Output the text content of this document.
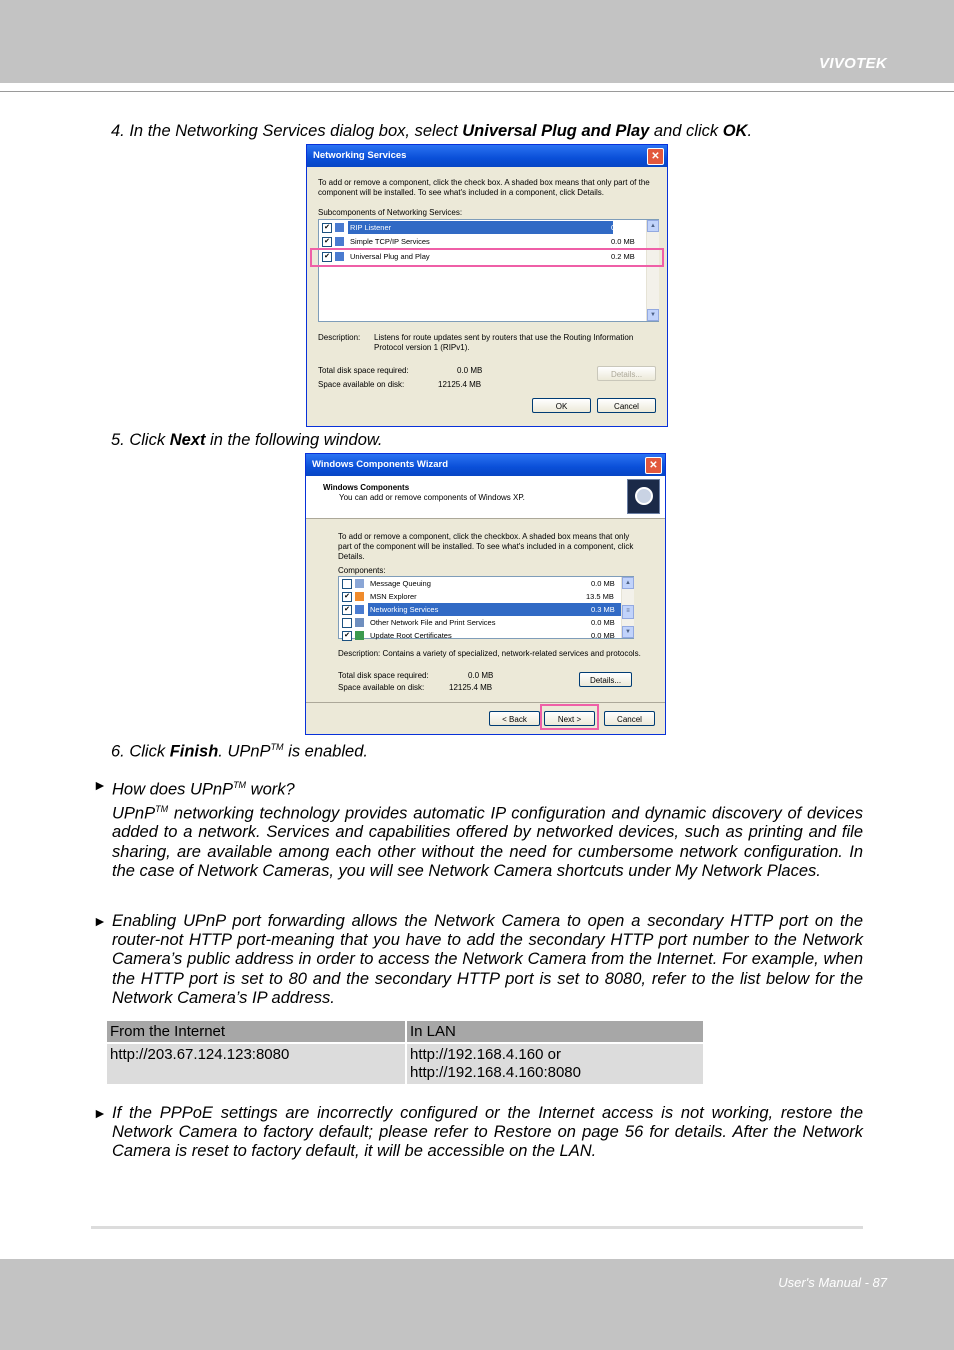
VIVOTEK
4. In the Networking Services dialog box, select Universal Plug and Play and click OK.
Networking Services	✕
To add or remove a component, click the check box. A shaded box means that only part of the component will be installed. To see what's included in a component, click Details.
Subcomponents of Networking Services:
✔	RIP Listener	0.0 MB
✔	Simple TCP/IP Services	0.0 MB
✔	Universal Plug and Play	0.2 MB
▲
▼
Description: Listens for route updates sent by routers that use the Routing Information Protocol version 1 (RIPv1).
Total disk space required:	0.0 MB
Space available on disk:	12125.4 MB
Details...
OK	Cancel
5. Click Next in the following window.
Windows Components Wizard	✕
Windows Components
You can add or remove components of Windows XP.
To add or remove a component, click the checkbox. A shaded box means that only part of the component will be installed. To see what's included in a component, click Details.
Components:
Message Queuing	0.0 MB
✔	MSN Explorer	13.5 MB
✔	Networking Services	0.3 MB
Other Network File and Print Services	0.0 MB
✔	Update Root Certificates	0.0 MB
▲
≡
▼
Description: Contains a variety of specialized, network-related services and protocols.
Total disk space required:	0.0 MB
Space available on disk:	12125.4 MB
Details...
< Back	Next >	Cancel
6. Click Finish. UPnP™ is enabled.
► How does UPnP™ work?
UPnP™ networking technology provides automatic IP configuration and dynamic discovery of devices added to a network. Services and capabilities offered by networked devices, such as printing and file sharing, are available among each other without the need for cumbersome network configuration. In the case of Network Cameras, you will see Network Camera shortcuts under My Network Places.
► Enabling UPnP port forwarding allows the Network Camera to open a secondary HTTP port on the router-not HTTP port-meaning that you have to add the secondary HTTP port number to the Network Camera’s public address in order to access the Network Camera from the Internet. For example, when the HTTP port is set to 80 and the secondary HTTP port is set to 8080, refer to the list below for the Network Camera’s IP address.
From the Internet	In LAN
http://203.67.124.123:8080	http://192.168.4.160 or
http://192.168.4.160:8080
► If the PPPoE settings are incorrectly configured or the Internet access is not working, restore the Network Camera to factory default; please refer to Restore on page 56 for details. After the Network Camera is reset to factory default, it will be accessible on the LAN.
User's Manual - 87
